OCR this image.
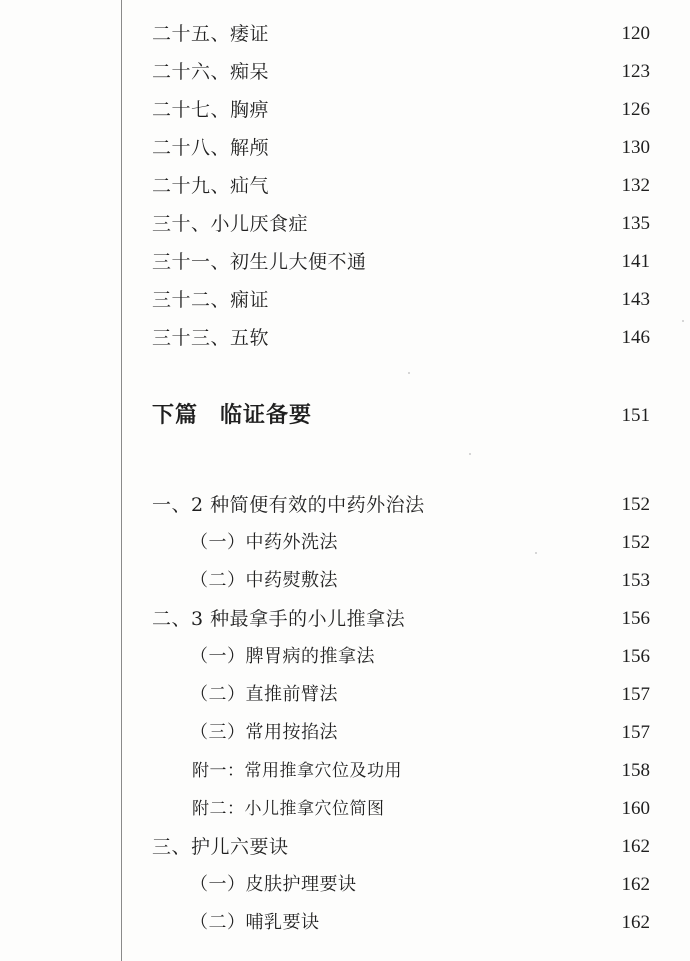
二十五、痿证	120
二十六、痴呆	123
二十七、胸痹	126
二十八、解颅	130
二十九、疝气	132
三十、小儿厌食症	135
三十一、初生儿大便不通	141
三十二、痫证	143
三十三、五软	146
下篇 临证备要	151
一、2 种简便有效的中药外治法	152
（一）中药外洗法	152
（二）中药熨敷法	153
二、3 种最拿手的小儿推拿法	156
（一）脾胃病的推拿法	156
（二）直推前臂法	157
（三）常用按掐法	157
附一：常用推拿穴位及功用	158
附二：小儿推拿穴位简图	160
三、护儿六要诀	162
（一）皮肤护理要诀	162
（二）哺乳要诀	162
